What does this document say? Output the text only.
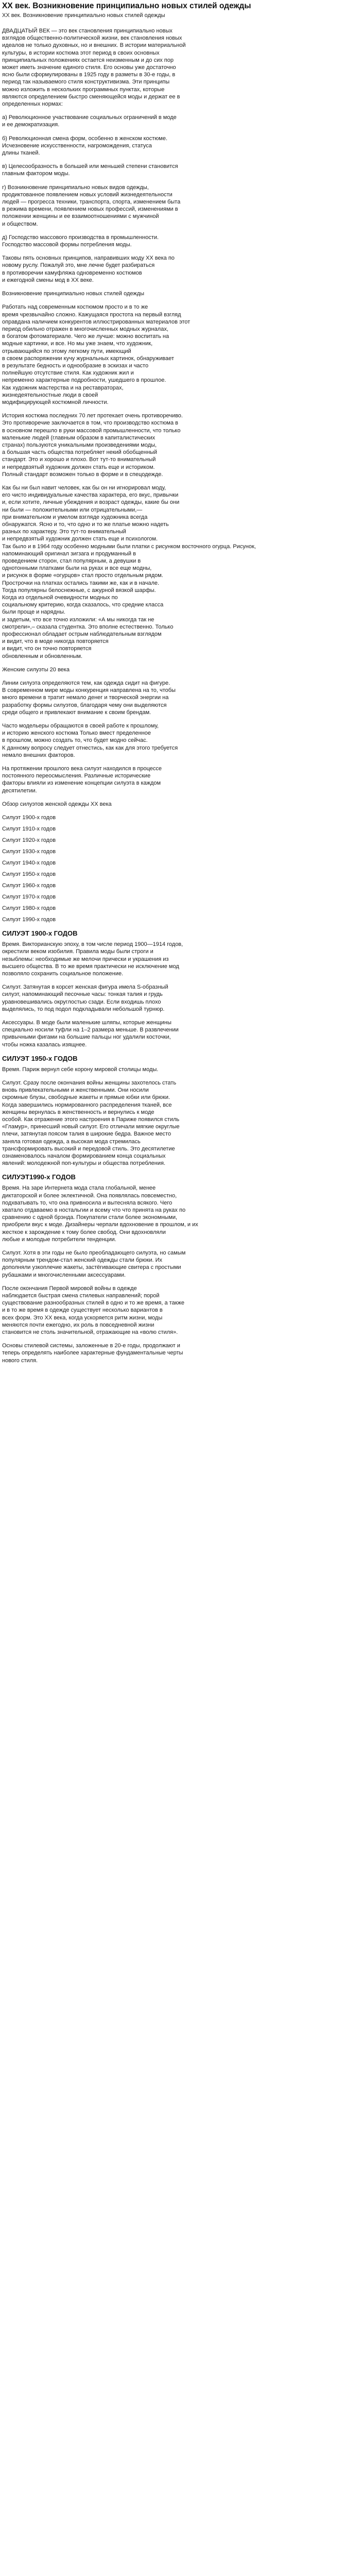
ХХ век. Возникновение принципиально новых стилей одежды

ХХ век. Возникновение принципиально новых стилей одежды

ДВАДЦАТЫЙ ВЕК — это век становления принципиально новых
взглядов общественно-политической жизни, век становления новых
идеалов не только духовных, но и внешних. В истории материальной
культуры, в истории костюма этот период в своих основных
принципиальных положениях остается неизменным и до сих пор
может иметь значение единого стиля. Его основы уже достаточно
ясно были сформулированы в 1925 году в разметы в 30-е годы, в
период так называемого стиля конструктивизма. Эти принципы
можно изложить в нескольких программных пунктах, которые
являются определением быстро сменяющейся моды и держат ее в
определенных нормах:

а) Революционное участвование социальных ограничений в моде
и ее демократизация.

б) Революционная смена форм, особенно в женском костюме.
Исчезновение искусственности, нагромождения, статуса
длины тканей.

в) Целесообразность в большей или меньшей степени становится
главным фактором моды.

г) Возникновение принципиально новых видов одежды,
продиктованное появлением новых условий жизнедеятельности
людей — прогресса техники, транспорта, спорта, изменением быта
в режима времени, появлением новых профессий, изменениями в
положении женщины и ее взаимоотношениями с мужчиной
и обществом.

д) Господство массового производства в промышленности.
Господство массовой формы потребления моды.

Таковы пять основных принципов, направивших моду ХХ века по
новому руслу. Пожалуй это, мне лечне будет разбираться
в противоречии камуфляжа одновременно костюмов
и ежегодной смены мод в ХХ веке.

Возникновение принципиально новых стилей одежды

Работать над современным костюмом просто и в то же
время чрезвычайно сложно. Кажущаяся простота на первый взгляд
оправдана наличием конкурентов иллюстрированных материалов этот
период обильно отражен в многочисленных модных журналах,
в богатом фотоматериале. Чего же лучше: можно воспитать на
модные картинки, и все. Но мы уже знаем, что художник,
отрывающийся по этому легкому пути, имеющий
в своем распоряжении кучу журнальных картинок, обнаруживает
в результате бедность и однообразие в эскизах и часто
полнейшую отсутствие стиля. Как художник жил и
непременно характерные подробности, ушедшего в прошлое.
Как художник мастерства и на реставраторах,
жизнедеятельностные люди в своей
модифицирующей костюмной личности.

История костюма последних 70 лет протекает очень противоречиво.
Это противоречие заключается в том, что производство костюма в
в основном перешло в руки массовой промышленности, что только
маленькие людей (главным образом в капиталистических
странах) пользуются уникальными произведениями моды,
а большая часть общества потребляет некий обобщенный
стандарт. Это и хорошо и плохо. Вот тут-то внимательный
и непредвзятый художник должен стать еще и историком.
Полный стандарт возможен только в форме и в спецодежде.

Как бы ни был навит человек, как бы он ни игнорировал моду,
его чисто индивидуальные качества характера, его вкус, привычки
и, если хотите, личные убеждения и возраст одежды, какие бы они
ни были — положительными или отрицательными,—
при внимательном и умелом взгляде художника всегда
обнаружатся. Ясно и то, что одно и то же платье можно надеть
разных по характеру. Это тут-то внимательный
и непредвзятый художник должен стать еще и психологом.
Так было и в 1964 году особенно модными были платки с рисунком восточного огурца. Рисунок,
напоминающий оригинал зигзага и продуманный в
проведением сторон, стал популярным, а девушки в
однотонными платками были на руках и все еще модны,
и рисунок в форме «огурцов» стал просто отдельным рядом.
Прострочки на платках остались такими же, как и в начале.
Тогда популярны белоснежные, с ажурной вязкой шарфы.
Когда из отдельной очевидности модных по
социальному критерию, когда сказалось, что средние класса
были проще и нарядны.
и задетым, что все точно изложили: «А мы никогда так не
смотрели»,– сказала студентка. Это вполне естественно. Только
профессионал обладает острым наблюдательным взглядом
и видит, что в моде никогда повторяется
и видит, что он точно повторяется
обновленным и обновленным.

Женские силуэты 20 века

Линии силуэта определяются тем, как одежда сидит на фигуре.
В современном мире моды конкуренция направлена на то, чтобы
много времени в тратит немало денег и творческой энергии на
разработку формы силуэтов, благодаря чему они выделяются
среди общего и привлекают внимание к своим брендам.

Часто модельеры обращаются в своей работе к прошлому,
и историю женского костюма Только вмест пределенное
в прошлом, можно создать то, что будет модно сейчас.
К данному вопросу следует отнестись, как как для этого требуется
немало внешних факторов.

На протяжении прошлого века силуэт находился в процессе
постоянного переосмысления. Различные исторические
факторы влияли из изменение концепции силуэта в каждом
десятилетии.

Обзор силуэтов женской одежды ХХ века

Силуэт 1900-х годов
Силуэт 1910-х годов
Силуэт 1920-х годов
Силуэт 1930-х годов
Силуэт 1940-х годов
Силуэт 1950-х годов
Силуэт 1960-х годов
Силуэт 1970-х годов
Силуэт 1980-х годов
Силуэт 1990-х годов
СИЛУЭТ 1900-х ГОДОВ

Время. Викторианскую эпоху, в том числе период 1900—1914 годов,
окрестили веком изобилия. Правила моды были строги и
незыблемы: необходимые же мелочи прически и украшения из
высшего общества. В то же время практически не исключение мод
позволяло сохранить социальное положение.

Силуэт. Затянутая в корсет женская фигура имела S-образный
силуэт, напоминающий песочные часы: тонкая талия и грудь
уравновешивались округлостью сзади. Если входишь плохо
выделялись, то под подол подкладывали небольшой турнюр.

Аксессуары. В моде были маленькие шляпы, которые женщины
специально носили туфли на 1–2 размера меньше. В развлечении
привычными фигами на большие пальцы ног удалили косточки,
чтобы ножка казалась изящнее.

СИЛУЭТ 1950-х ГОДОВ

Время. Париж вернул себе корону мировой столицы моды.

Силуэт. Сразу после окончания войны женщины захотелось стать
вновь привлекательными и женственными. Они носили
скромные блузы, свободные жакеты и прямые юбки или брюки.
Когда завершились нормированного распределения тканей, все
женщины вернулась в женственность и вернулись к моде
особой. Как отражение этого настроения в Париже появился стиль
«Гламур», принесший новый силуэт. Его отличали мягкие округлые
плечи, затянутая поясом талия в широкие бедра. Важное место
заняла готовая одежда, а высокая мода стремилась
трансформировать высокий и передовой стиль. Это десятилетие
ознаменовалось началом формированием конца социальных
явлений: молодежной поп-культуры и общества потребления.

СИЛУЭТ1990-х ГОДОВ

Время. На заре Интернета мода стала глобальной, менее
диктаторской и более эклектичной. Она появлялась повсеместно,
подхватывать то, что она привносила и вытесняла всякого. Чего
хватало отдаваемо в ностальгии и всему что что принята на руках по
сравнению с одной брэнда. Покупатели стали более экономными,
приобрели вкус к моде. Дизайнеры черпали вдохновение в прошлом, и их
жесткое к зарождение к тому более свобод. Они вдохновляли
любые и молодые потребители тенденции.

Силуэт. Хотя в эти годы не было преобладающего силуэта, но самым
популярным трендом-стал женский одежды стали брюки. Их
дополняли узкоплечие жакеты, застёгивающие свитера с простыми
рубашками и многочисленными аксессуарами.

После окончания Первой мировой войны в одежде
наблюдается быстрая смена стилевых направлений; порой
существование разнообразных стилей в одно и то же время, а также
и в то же время в одежде существует несколько вариантов в
всех форм. Это ХХ века, когда ускоряется ритм жизни, моды
меняются почти ежегодно, их роль в повседневной жизни
становится не столь значительной, отражающие на «волю стиля».

Основы стилевой системы, заложенные в 20-е годы, продолжают и
теперь определять наиболее характерные фундаментальные черты
нового стиля.
